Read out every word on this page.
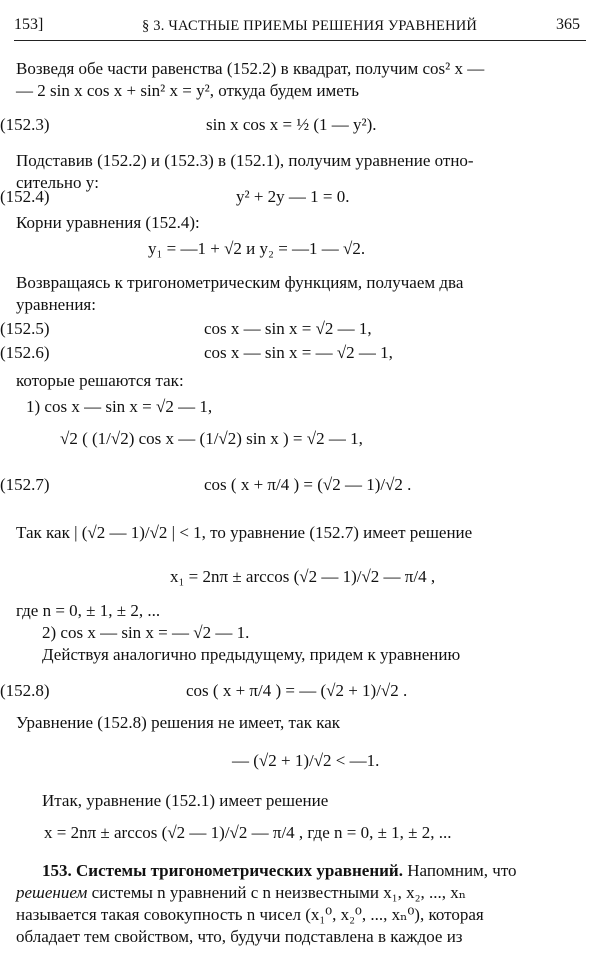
153]	§ 3. ЧАСТНЫЕ ПРИЕМЫ РЕШЕНИЯ УРАВНЕНИЙ	365
Возведя обе части равенства (152.2) в квадрат, получим cos² x —
— 2 sin x cos x + sin² x = y², откуда будем иметь
sin x cos x = ½ (1 — y²).
(152.3)
Подставив (152.2) и (152.3) в (152.1), получим уравнение отно-
сительно y:
y² + 2y — 1 = 0.
(152.4)
Корни уравнения (152.4):
y₁ = —1 + √2 и y₂ = —1 — √2.
Возвращаясь к тригонометрическим функциям, получаем два
уравнения:
cos x — sin x = √2 — 1,
(152.5)
cos x — sin x = — √2 — 1,
(152.6)
которые решаются так:
1) cos x — sin x = √2 — 1,
√2 ( (1/√2) cos x — (1/√2) sin x ) = √2 — 1,
cos ( x + π/4 ) = (√2 — 1)/√2 .
(152.7)
Так как | (√2 — 1)/√2 | < 1, то уравнение (152.7) имеет решение
x₁ = 2nπ ± arccos (√2 — 1)/√2 — π/4 ,
где n = 0, ± 1, ± 2, ...
2) cos x — sin x = — √2 — 1.
Действуя аналогично предыдущему, придем к уравнению
cos ( x + π/4 ) = — (√2 + 1)/√2 .
(152.8)
Уравнение (152.8) решения не имеет, так как
— (√2 + 1)/√2 < —1.
Итак, уравнение (152.1) имеет решение
x = 2nπ ± arccos (√2 — 1)/√2 — π/4 , где n = 0, ± 1, ± 2, ...
153. Системы тригонометрических уравнений. Напомним, что
решением системы n уравнений с n неизвестными x₁, x₂, ..., xₙ
называется такая совокупность n чисел (x₁⁰, x₂⁰, ..., xₙ⁰), которая
обладает тем свойством, что, будучи подставлена в каждое из
